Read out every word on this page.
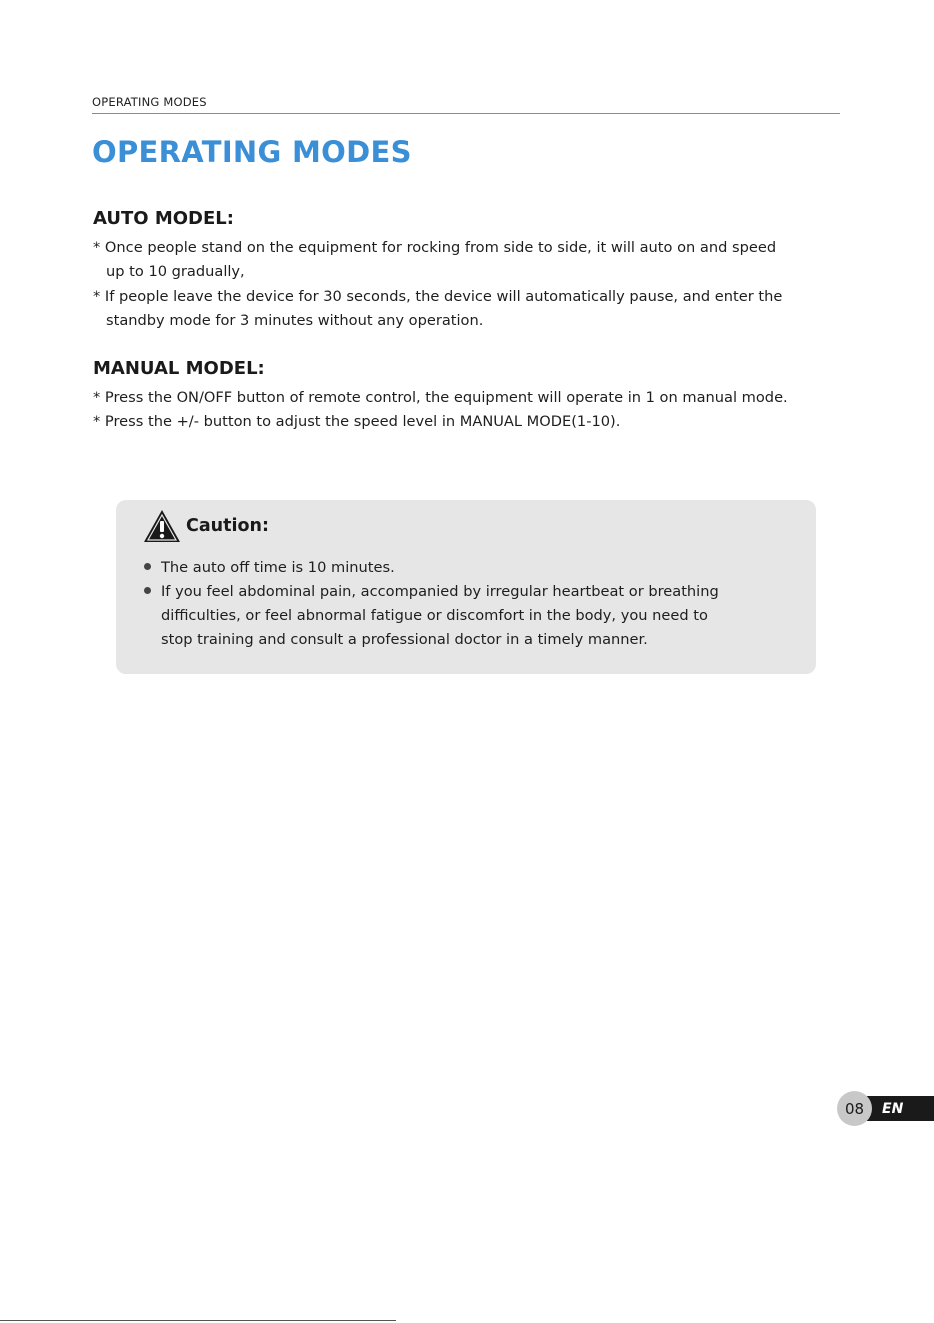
OPERATING MODES
OPERATING MODES
AUTO MODEL:
* Once people stand on the equipment for rocking from side to side, it will auto on and speed
up to 10 gradually,
* If people leave the device for 30 seconds, the device will automatically pause, and enter the
standby mode for 3 minutes without any operation.
MANUAL MODEL:
* Press the ON/OFF button of remote control, the equipment will operate in 1 on manual mode.
* Press the +/- button to adjust the speed level in MANUAL MODE(1-10).
Caution:
The auto off time is 10 minutes.
If you feel abdominal pain, accompanied by irregular heartbeat or breathing
difficulties, or feel abnormal fatigue or discomfort in the body, you need to
stop training and consult a professional doctor in a timely manner.
08	EN
